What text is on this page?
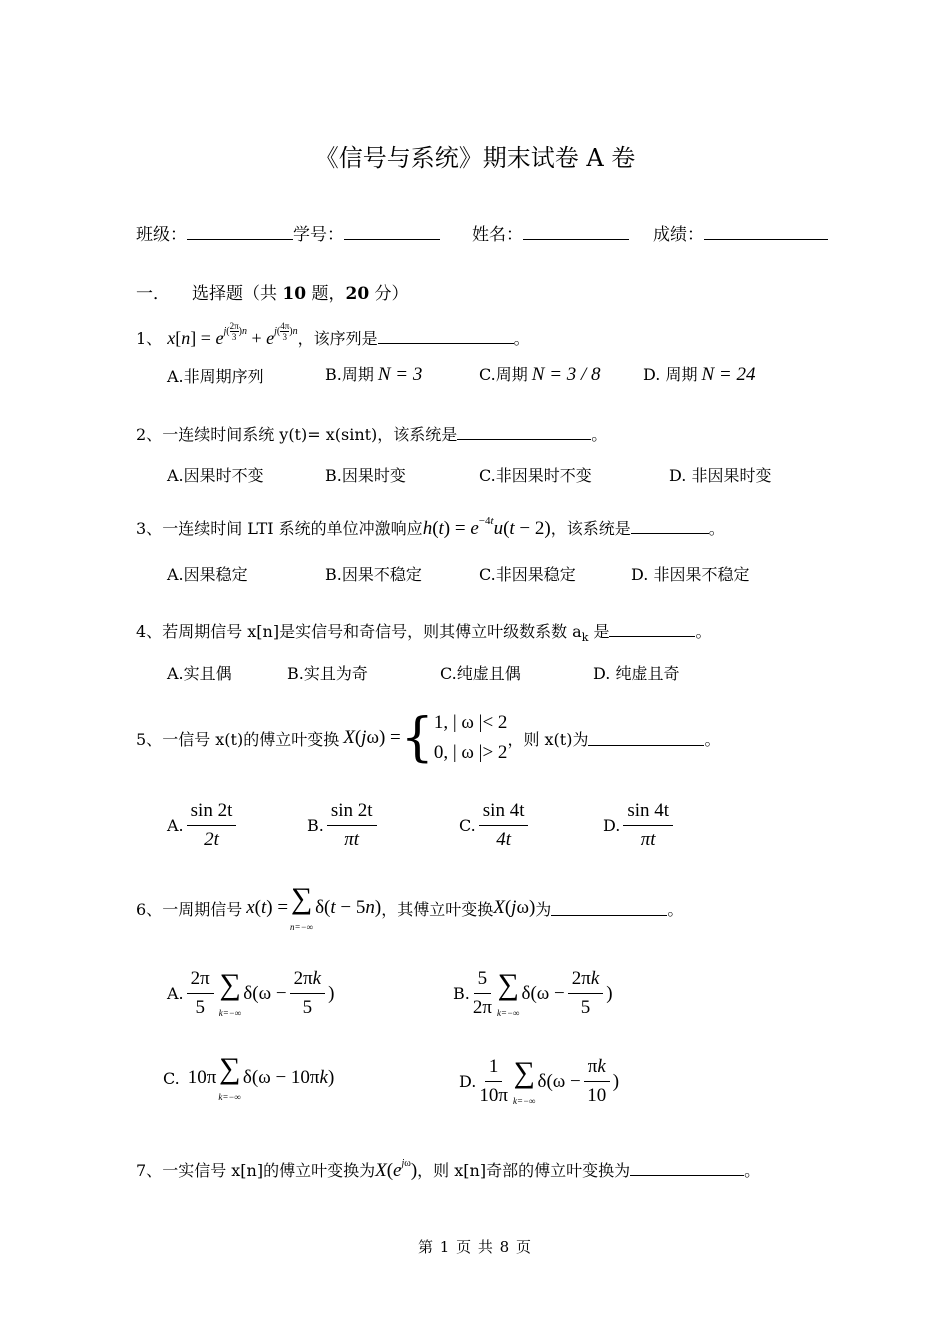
《信号与系统》期末试卷 A 卷
班级：	学号：	姓名：	成绩：
一． 选择题（共 10 题，20 分）
1、 $x[n] = e^{j( \frac{2\pi}{3} )n} + e^{j( \frac{4\pi}{3} )n}$，该序列是	。
A.非周期序列	B.周期 N = 3	C.周期 N = 3 / 8	D. 周期 N = 24
2、一连续时间系统 y(t)= x(sint)，该系统是	。
A.因果时不变	B.因果时变	C.非因果时不变	D. 非因果时变
3、一连续时间 LTI 系统的单位冲激响应$h(t) = e^{-4t}u(t - 2)$，该系统是	。
A.因果稳定	B.因果不稳定	C.非因果稳定	D. 非因果不稳定
4、若周期信号 x[n]是实信号和奇信号，则其傅立叶级数系数 $a_k$ 是	。
A.实且偶	B.实且为奇	C.纯虚且偶	D. 纯虚且奇
5、 一信号 x(t)的傅立叶变换 X(jω) = { 1, | ω |< 2
0, | ω |> 2
，则 x(t)为	。
A. $\frac{\sin 2t}{2t}$	B. $\frac{\sin 2t}{\pi t}$	C. $\frac{\sin 4t}{4t}$	D. $\frac{\sin 4t}{\pi t}$
6、 一周期信号 x(t) = ∑
n=−∞
δ(t − 5n) ，其傅立叶变换 X(jω) 为	。
A. $\frac{2\pi}{5}$ ∑
k=−∞
$\delta(\omega - \frac{2\pi k}{5}$ )	B. $\frac{5}{2\pi}$ ∑
k=−∞
$\delta(\omega - \frac{2\pi k}{5}$ )
C. 10π ∑
k=−∞
δ(ω − 10πk)	D. $\frac{1}{10\pi}$ ∑
k=−∞
$\delta(\omega - \frac{\pi k}{10}$ )
7、一实信号 x[n]的傅立叶变换为$X(e^{j\omega})$，则 x[n]奇部的傅立叶变换为	。
第 1 页 共 8 页
